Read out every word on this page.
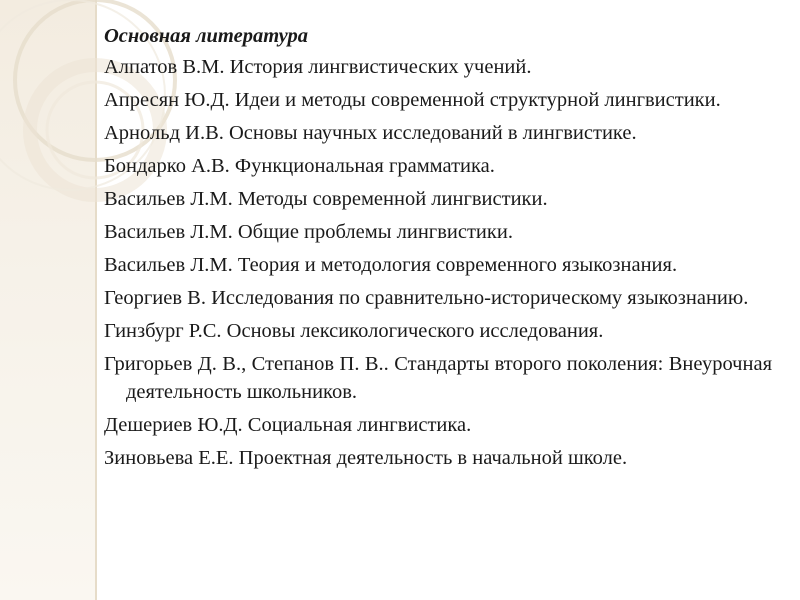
Основная литература

Алпатов В.М. История лингвистических учений.
Апресян Ю.Д. Идеи и методы современной структурной лингвистики.
Арнольд И.В. Основы научных исследований в лингвистике.
Бондарко А.В. Функциональная грамматика.
Васильев Л.М. Методы современной лингвистики.
Васильев Л.М. Общие проблемы лингвистики.
Васильев Л.М. Теория и методология современного языкознания.
Георгиев В. Исследования по сравнительно-историческому языкознанию.
Гинзбург Р.С. Основы лексикологического исследования.
Григорьев Д. В., Степанов П. В.. Стандарты второго поколения: Внеурочная деятельность школьников.
Дешериев Ю.Д. Социальная лингвистика.
Зиновьева Е.Е. Проектная деятельность в начальной школе.
